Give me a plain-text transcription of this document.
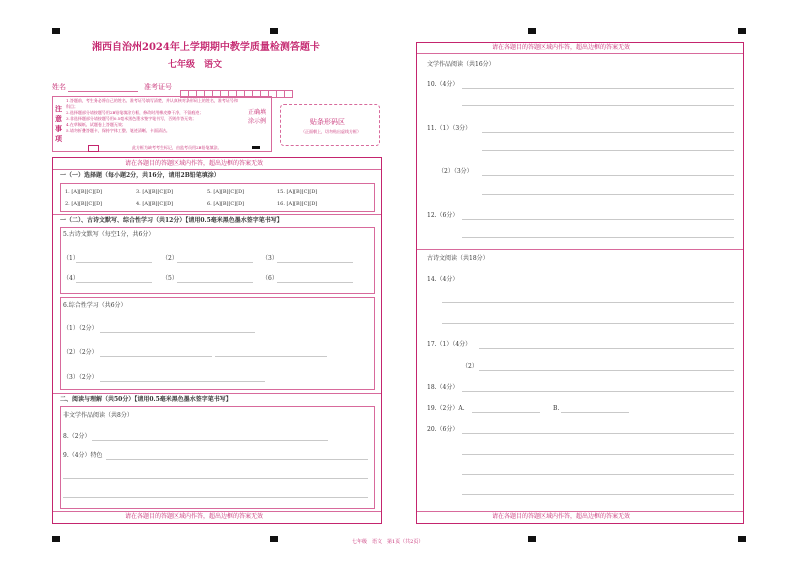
湘西自治州2024年上学期期中教学质量检测答题卡
七年级　语文
姓名	准考证号
注意事项
1.答题前，考生务必将自己的姓名、准考证号填写清楚，并认真核对条形码上的姓名，准考证号和科目；
2.选择题部分请按题号用2B铅笔填涂方框，修改时用橡皮擦干净，不留痕迹；
3.非选择题部分请按题号用0.5毫米黑色墨水签字笔书写，否则作答无效；
4.在草稿纸、试题卷上答题无效；
5.请勿折叠答题卡，保持字体工整、笔迹清晰、卡面清洁。
正确填涂示例
此方框为缺考考生标记，由监考员用2B铅笔填涂。
贴条形码区
（正面朝上，切勿贴出虚线方框）
请在各题目的答题区域内作答，超出边框的答案无效
一（一）选择题（每小题2分，共16分，请用2B铅笔填涂）
1. [A][B][C][D]	3. [A][B][C][D]	5. [A][B][C][D]	15. [A][B][C][D]
2. [A][B][C][D]	4. [A][B][C][D]	6. [A][B][C][D]	16. [A][B][C][D]
一（二）、古诗文默写、综合性学习（共12分）【请用0.5毫米黑色墨水签字笔书写】
5.古诗文默写（每空1分，共6分）
（1）	（2）	（3）
（4）	（5）	（6）
6.综合性学习（共6分）
（1）（2分）
（2）（2分）
（3）（2分）
二、阅读与理解（共50分）【请用0.5毫米黑色墨水签字笔书写】
非文学作品阅读（共8分）
8.（2分）
9.（4分）特色
请在各题目的答题区域内作答，超出边框的答案无效
请在各题目的答题区域内作答，超出边框的答案无效
文学作品阅读（共16分）
10.（4分）
11.（1）（3分）
（2）（3分）
12.（6分）
古诗文阅读（共18分）
14.（4分）
17.（1）（4分）
（2）
18.（4分）
19.（2分）A.	B.
20.（6分）
请在各题目的答题区域内作答，超出边框的答案无效
七年级　语文　第1页（共2页）
